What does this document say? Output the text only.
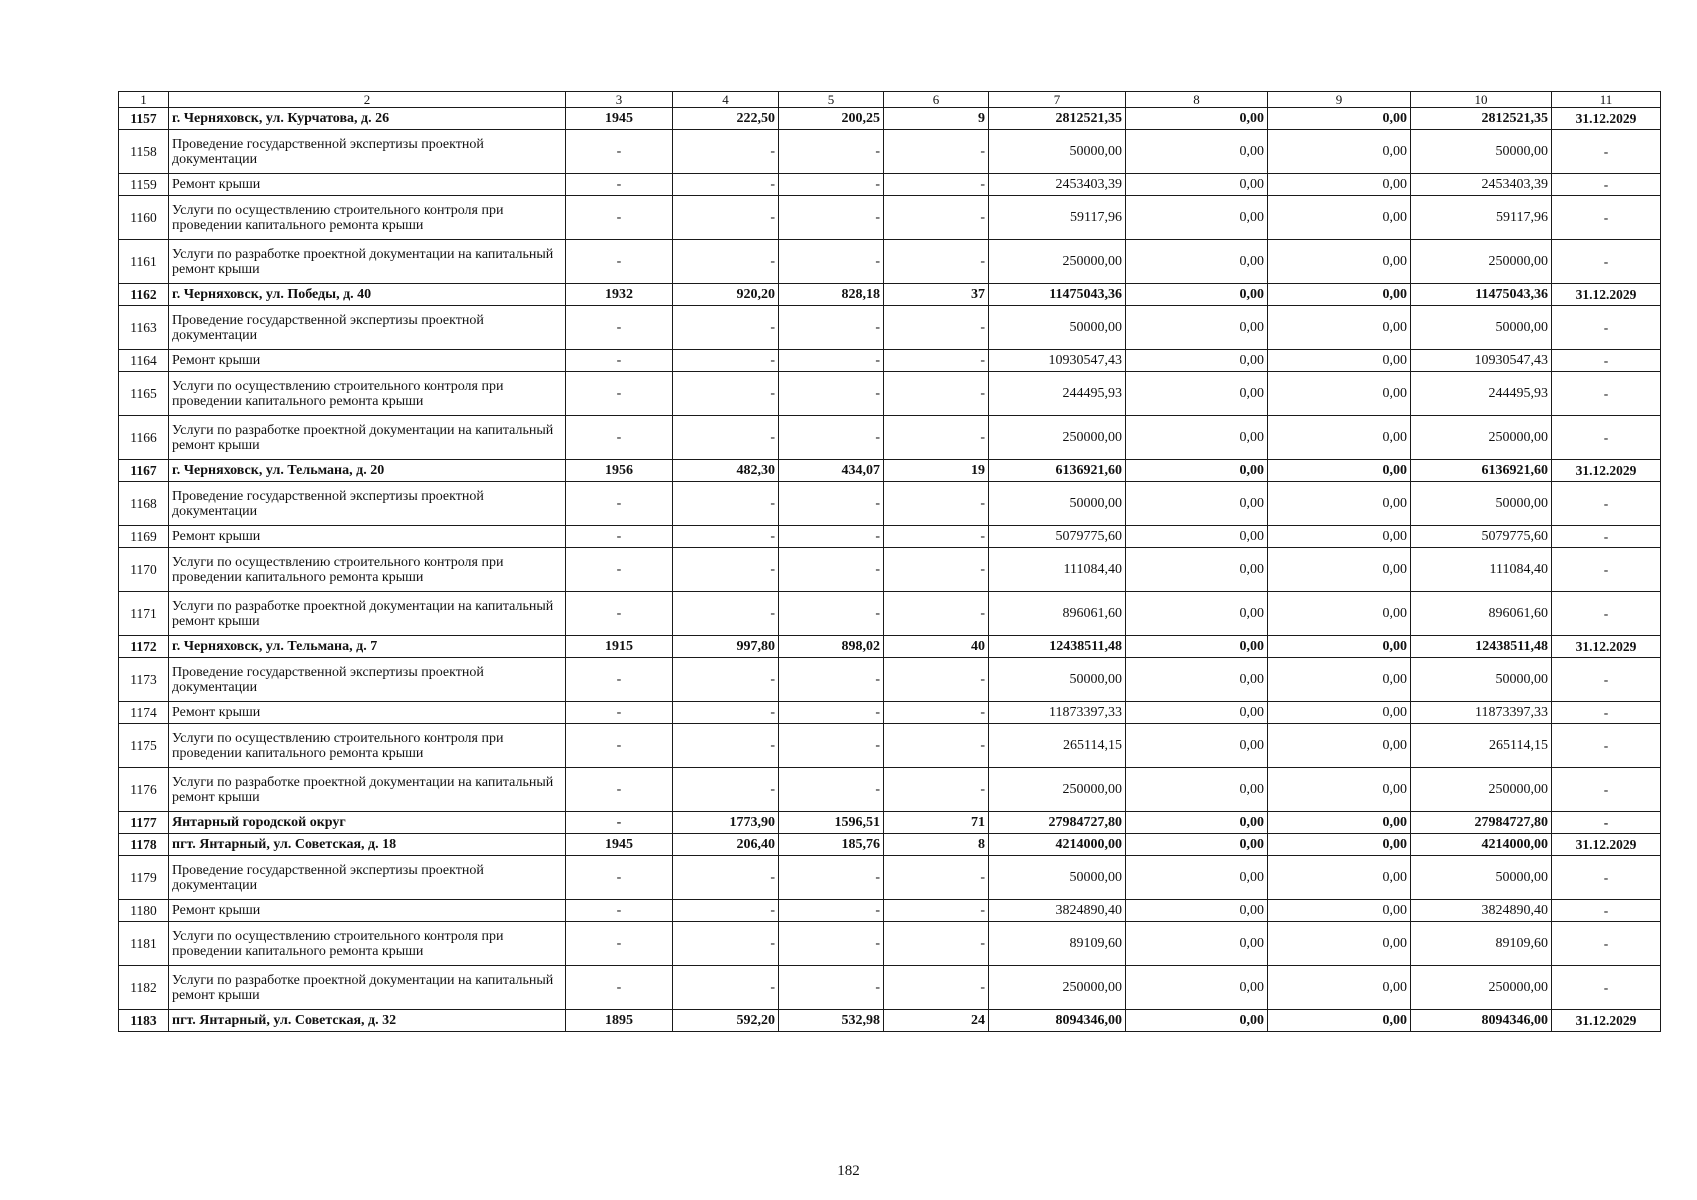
1	2	3	4	5	6	7	8	9	10	11
1157	г. Черняховск, ул. Курчатова, д. 26	1945	222,50	200,25	9	2812521,35	0,00	0,00	2812521,35	31.12.2029
1158	Проведение государственной экспертизы проектной документации	-	-	-	-	50000,00	0,00	0,00	50000,00	-
1159	Ремонт крыши	-	-	-	-	2453403,39	0,00	0,00	2453403,39	-
1160	Услуги по осуществлению строительного контроля при проведении капитального ремонта крыши	-	-	-	-	59117,96	0,00	0,00	59117,96	-
1161	Услуги по разработке проектной документации на капитальный ремонт крыши	-	-	-	-	250000,00	0,00	0,00	250000,00	-
1162	г. Черняховск, ул. Победы, д. 40	1932	920,20	828,18	37	11475043,36	0,00	0,00	11475043,36	31.12.2029
1163	Проведение государственной экспертизы проектной документации	-	-	-	-	50000,00	0,00	0,00	50000,00	-
1164	Ремонт крыши	-	-	-	-	10930547,43	0,00	0,00	10930547,43	-
1165	Услуги по осуществлению строительного контроля при проведении капитального ремонта крыши	-	-	-	-	244495,93	0,00	0,00	244495,93	-
1166	Услуги по разработке проектной документации на капитальный ремонт крыши	-	-	-	-	250000,00	0,00	0,00	250000,00	-
1167	г. Черняховск, ул. Тельмана, д. 20	1956	482,30	434,07	19	6136921,60	0,00	0,00	6136921,60	31.12.2029
1168	Проведение государственной экспертизы проектной документации	-	-	-	-	50000,00	0,00	0,00	50000,00	-
1169	Ремонт крыши	-	-	-	-	5079775,60	0,00	0,00	5079775,60	-
1170	Услуги по осуществлению строительного контроля при проведении капитального ремонта крыши	-	-	-	-	111084,40	0,00	0,00	111084,40	-
1171	Услуги по разработке проектной документации на капитальный ремонт крыши	-	-	-	-	896061,60	0,00	0,00	896061,60	-
1172	г. Черняховск, ул. Тельмана, д. 7	1915	997,80	898,02	40	12438511,48	0,00	0,00	12438511,48	31.12.2029
1173	Проведение государственной экспертизы проектной документации	-	-	-	-	50000,00	0,00	0,00	50000,00	-
1174	Ремонт крыши	-	-	-	-	11873397,33	0,00	0,00	11873397,33	-
1175	Услуги по осуществлению строительного контроля при проведении капитального ремонта крыши	-	-	-	-	265114,15	0,00	0,00	265114,15	-
1176	Услуги по разработке проектной документации на капитальный ремонт крыши	-	-	-	-	250000,00	0,00	0,00	250000,00	-
1177	Янтарный городской округ	-	1773,90	1596,51	71	27984727,80	0,00	0,00	27984727,80	-
1178	пгт. Янтарный, ул. Советская, д. 18	1945	206,40	185,76	8	4214000,00	0,00	0,00	4214000,00	31.12.2029
1179	Проведение государственной экспертизы проектной документации	-	-	-	-	50000,00	0,00	0,00	50000,00	-
1180	Ремонт крыши	-	-	-	-	3824890,40	0,00	0,00	3824890,40	-
1181	Услуги по осуществлению строительного контроля при проведении капитального ремонта крыши	-	-	-	-	89109,60	0,00	0,00	89109,60	-
1182	Услуги по разработке проектной документации на капитальный ремонт крыши	-	-	-	-	250000,00	0,00	0,00	250000,00	-
1183	пгт. Янтарный, ул. Советская, д. 32	1895	592,20	532,98	24	8094346,00	0,00	0,00	8094346,00	31.12.2029
182
